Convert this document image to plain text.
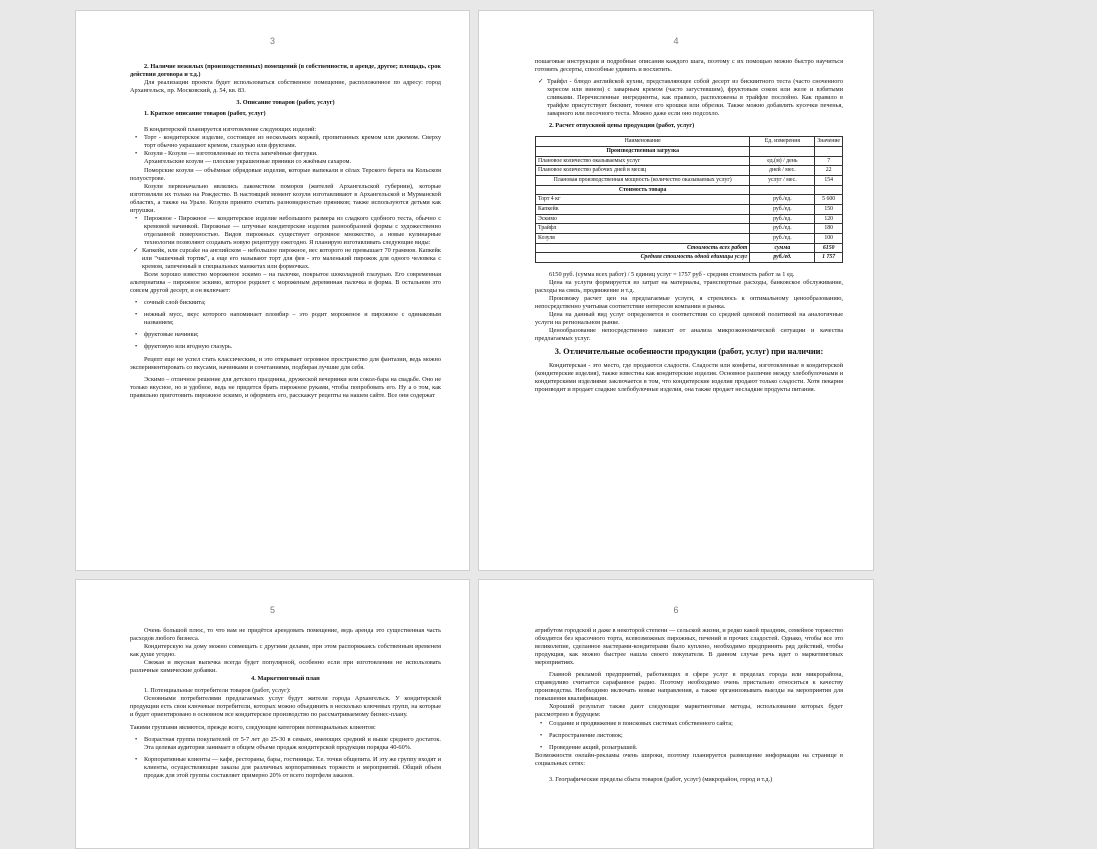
3

2. Наличие нежилых (производственных) помещений (в собственности, в аренде, другое; площадь, срок действия договора и т.д.)

Для реализации проекта будет использоваться собственное помещение, расположенное по адресу: город Архангельск, пр. Московский, д. 54, кв. 83.

3. Описание товаров (работ, услуг)

1. Краткое описание товаров (работ, услуг)

В кондитерской планируется изготовление следующих изделий:

• Торт - кондитерское изделие, состоящее из нескольких коржей, пропитанных кремом или джемом. Сверху торт обычно украшают кремом, глазурью или фруктами.

• Козули - Козули — изготовленные из теста запечённые фигурки.

Архангельские козули — плоские украшенные пряники со жжёным сахаром.

Поморские козули — объёмные обрядовые изделия, которые выпекали в сёлах Терского берега на Кольском полуострове.

Козули первоначально являлись лакомством поморов (жителей Архангельской губернии), которые изготовляли их только на Рождество. В настоящий момент козули изготавливают в Архангельской и Мурманской областях, а также на Урале. Козули принято считать разновидностью пряников; также используются детьми как игрушки.

• Пирожное - Пирожное — кондитерское изделие небольшого размера из сладкого сдобного теста, обычно с кремовой начинкой. Пирожные — штучные кондитерские изделия разнообразной формы с художественно отделанной поверхностью. Видов пирожных существует огромное множество, а новые кулинарные технологии позволяют создавать новую рецептуру ежегодно. Я планирую изготавливать следующие виды:

✓ Капкейк, или cupcake на английском – небольшое пирожное, вес которого не превышает 70 граммов. Капкейк или "чашечный тортик", а еще его называют торт для фея - это маленький пирожок для одного человека с кремом, запеченный в специальных манжетах или формочках.

Всем хорошо известно мороженое эскимо – на палочке, покрытое шоколадной глазурью. Его современная альтернатива – пирожное эскимо, которое родилет с мороженым деревянная палочка и форма. В остальном это совсем другой десерт, и он включает:

• сочный слой бисквита;

• нежный мусс, вкус которого напоминает пломбир – это родит мороженое и пирожное с одинаковым названием;

• фруктовые начинки;

• фруктовую или ягодную глазурь.

Рецепт еще не успел стать классическим, и это открывает огромное пространство для фантазии, ведь можно экспериментировать со вкусами, начинками и сочетаниями, подбирая лучшие для себя.

Эскимо – отличное решение для детского праздника, дружеской вечеринки или сокол-бара на свадьбе. Оно не только вкусное, но и удобное, ведь не придется брать пирожное руками, чтобы попробовать его. Ну а о том, как правильно приготовить пирожное эскимо, и оформить его, расскажут рецепты на нашем сайте. Все они содержат

4

пошаговые инструкции и подробные описания каждого шага, поэтому с их помощью можно быстро научиться готовить десерты, способные удивить и восхитить.

✓ Трайфл - блюдо английской кухни, представляющее собой десерт из бисквитного теста (часто сноченного хересом или вином) с заварным кремом (часто загустевшим), фруктовым соком или желе и взбитыми сливками. Перечисленные ингредиенты, как правило, расположены в трайфле послойно. Как правило в трайфле присутствует бисквит, точнее его крошки или обрезки. Также можно добавлять кусочки печенья, заварного или песочного теста. Можно даже если оно подсохло.

2. Расчет отпускной цены продукции (работ, услуг)

Наименование	Ед. измерения	Значение
Производственная загрузка		
Плановое количество оказываемых услуг	ед.(м) / день	7
Плановое количество рабочих дней в месяц	дней / мес.	22
Плановая производственная мощность (количество оказываемых услуг)	услуг / мес.	154
Стоимость товара		
Торт 4 кг	руб./ед.	5 600
Капкейк	руб./ед.	150
Эскимо	руб./ед.	120
Трайфл	руб./ед.	180
Козуля	руб./ед.	100
Стоимость всех работ	сумма	6150
Средняя стоимость одной единицы услуг	руб./ед.	1 757

6150 руб. (сумма всех работ) / 5 единиц услуг = 1757 руб - средняя стоимость работ за 1 ед.

Цена на услуги формируется из затрат на материалы, транспортные расходы, банковское обслуживание, расходы на связь, продвижение и т.д.

Произвожу расчет цен на предлагаемые услуги, я стремлюсь к оптимальному ценообразованию, непосредственно учитывая соответствие интересов компании и рынка.

Цена на данный вид услуг определяется в соответствии со средней ценовой политикой на аналогичные услуги на региональном рынке.

Ценообразование непосредственно зависит от анализа микроэкономической ситуации и качества предлагаемых услуг.

3. Отличительные особенности продукции (работ, услуг) при наличии:

Кондитерская - это место, где продаются сладости. Сладости или конфеты, изготовленные в кондитерской (кондитерские изделия), также известны как кондитерские изделия. Основное различие между хлебобулочными и кондитерскими изделиями заключается в том, что кондитерские изделия продают только сладости. Хотя пекарня производит и продает сладкие хлебобулочные изделия, она также продает несладкие продукты питания.

5

Очень большой плюс, то что вам не придётся арендовать помещение, ведь аренда это существенная часть расходов любого бизнеса.

Кондитерскую на дому можно совмещать с другими делами, при этом распоряжаясь собственным временем как душе угодно.

Свежая и вкусная выпечка всегда будет популярной, особенно если при изготовлении не использовать различные химические добавки.

4. Маркетинговый план

1. Потенциальные потребители товаров (работ, услуг):

Основными потребителями предлагаемых услуг будут жители города Архангельск. У кондитерской продукции есть свои ключевые потребители, которых можно объединить в несколько ключевых групп, на которые и будет ориентировано в основном все кондитерское производство по рассматриваемому бизнес-плану.

Такими группами являются, прежде всего, следующие категории потенциальных клиентов:

• Возрастная группа покупателей от 5-7 лет до 25-30 в семьях, имеющих средний и выше среднего достаток. Эта целевая аудитория занимает в общем объеме продаж кондитерской продукции порядка 40-60%.

• Корпоративные клиенты — кафе, рестораны, бары, гостиницы. Т.е. точки общепита. И эту же группу входят и клиенты, осуществляющие заказы для различных корпоративных торжеств и мероприятий. Общий объем продаж для этой группы составляет примерно 20% от всего портфеля заказов.

6

атрибутом городской и даже в некоторой степени — сельской жизни, и редко какой праздник, семейное торжество обходится без красочного торта, всевозможных пирожных, печений и прочих сладостей. Однако, чтобы все это великолепие, сделанное мастерами-кондитерами было куплено, необходимо предпринять ряд действий, чтобы продукция, как можно быстрее нашла своего покупателя. В данном случае речь идет о маркетинговых мероприятиях.

Главной рекламой предприятий, работающих в сфере услуг в пределах города или микрорайона, справедливо считается сарафанное радио. Поэтому необходимо очень пристально относиться к качеству производства. Необходимо включать новые направления, а также организовывать выезды на мероприятия для повышения квалификации.

Хороший результат также дают следующие маркетинговые методы, использование которых будет рассмотрено в будущем:

• Создание и продвижение в поисковых системах собственного сайта;

• Распространение листовок;

• Проведение акций, розыгрышей.

Возможности онлайн-рекламы очень широки, поэтому планируется размещение информации на странице в социальных сетях:

3. Географические пределы сбыта товаров (работ, услуг) (микрорайон, город и т.д.)
